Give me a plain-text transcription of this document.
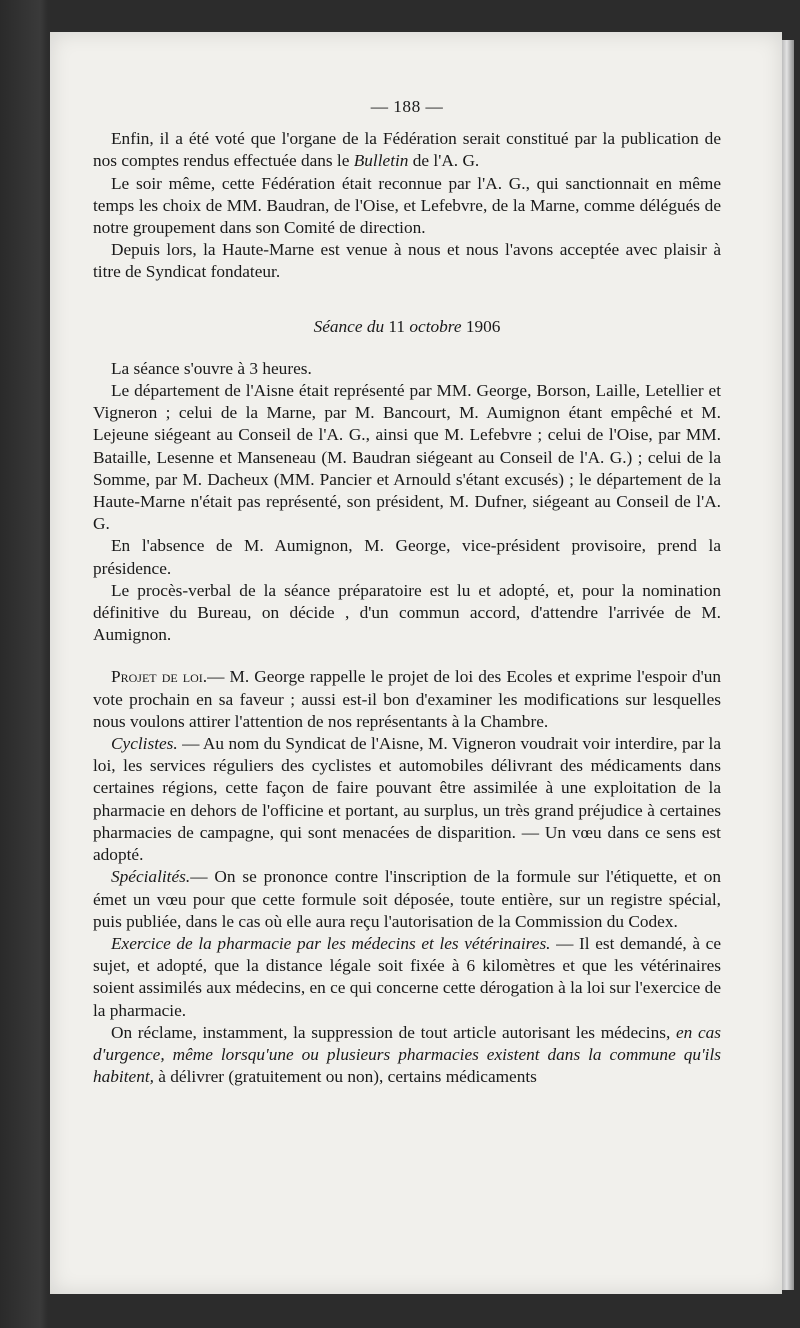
— 188 —

Enfin, il a été voté que l'organe de la Fédération serait constitué par la publication de nos comptes rendus effectuée dans le Bulletin de l'A. G.

Le soir même, cette Fédération était reconnue par l'A. G., qui sanctionnait en même temps les choix de MM. Baudran, de l'Oise, et Lefebvre, de la Marne, comme délégués de notre groupement dans son Comité de direction.

Depuis lors, la Haute-Marne est venue à nous et nous l'avons acceptée avec plaisir à titre de Syndicat fondateur.

Séance du 11 octobre 1906

La séance s'ouvre à 3 heures.

Le département de l'Aisne était représenté par MM. George, Borson, Laille, Letellier et Vigneron ; celui de la Marne, par M. Bancourt, M. Aumignon étant empêché et M. Lejeune siégeant au Conseil de l'A. G., ainsi que M. Lefebvre ; celui de l'Oise, par MM. Bataille, Lesenne et Manseneau (M. Baudran siégeant au Conseil de l'A. G.) ; celui de la Somme, par M. Dacheux (MM. Pancier et Arnould s'étant excusés) ; le département de la Haute-Marne n'était pas représenté, son président, M. Dufner, siégeant au Conseil de l'A. G.

En l'absence de M. Aumignon, M. George, vice-président provisoire, prend la présidence.

Le procès-verbal de la séance préparatoire est lu et adopté, et, pour la nomination définitive du Bureau, on décide , d'un commun accord, d'attendre l'arrivée de M. Aumignon.

Projet de loi.— M. George rappelle le projet de loi des Ecoles et exprime l'espoir d'un vote prochain en sa faveur ; aussi est-il bon d'examiner les modifications sur lesquelles nous voulons attirer l'attention de nos représentants à la Chambre.

Cyclistes. — Au nom du Syndicat de l'Aisne, M. Vigneron voudrait voir interdire, par la loi, les services réguliers des cyclistes et automobiles délivrant des médicaments dans certaines régions, cette façon de faire pouvant être assimilée à une exploitation de la pharmacie en dehors de l'officine et portant, au surplus, un très grand préjudice à certaines pharmacies de campagne, qui sont menacées de disparition. — Un vœu dans ce sens est adopté.

Spécialités.— On se prononce contre l'inscription de la formule sur l'étiquette, et on émet un vœu pour que cette formule soit déposée, toute entière, sur un registre spécial, puis publiée, dans le cas où elle aura reçu l'autorisation de la Commission du Codex.

Exercice de la pharmacie par les médecins et les vétérinaires. — Il est demandé, à ce sujet, et adopté, que la distance légale soit fixée à 6 kilomètres et que les vétérinaires soient assimilés aux médecins, en ce qui concerne cette dérogation à la loi sur l'exercice de la pharmacie.

On réclame, instamment, la suppression de tout article autorisant les médecins, en cas d'urgence, même lorsqu'une ou plusieurs pharmacies existent dans la commune qu'ils habitent, à délivrer (gratuitement ou non), certains médicaments
